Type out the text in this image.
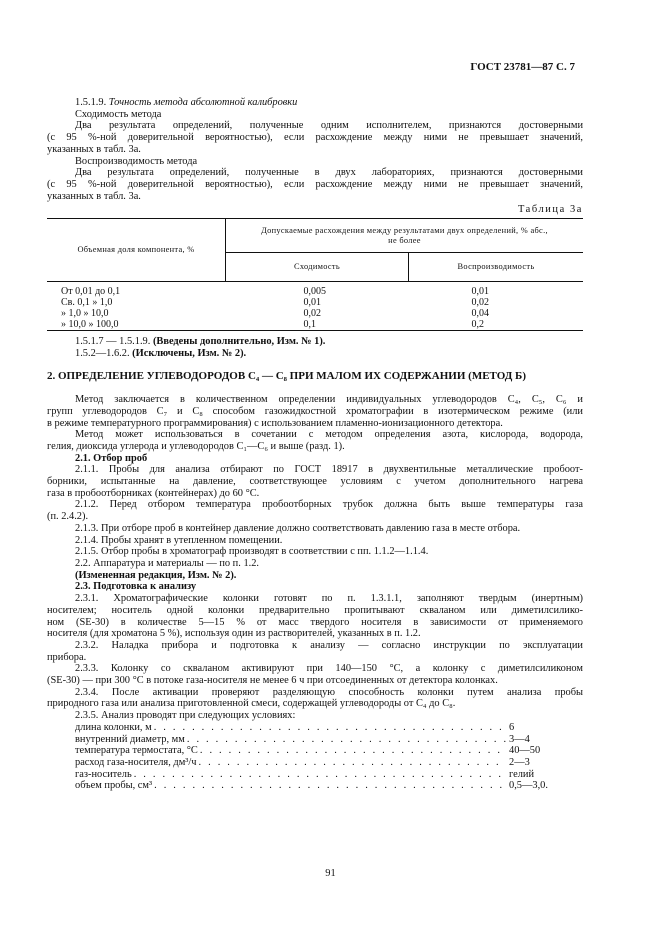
ГОСТ 23781—87 С. 7
1.5.1.9. Точность метода абсолютной калибровки
Сходимость метода
Два результата определений, полученные одним исполнителем, признаются достоверными
(с 95 %-ной доверительной вероятностью), если расхождение между ними не превышает значений,
указанных в табл. 3а.
Воспроизводимость метода
Два результата определений, полученные в двух лабораториях, признаются достоверными
(с 95 %-ной доверительной вероятностью), если расхождение между ними не превышает значений,
указанных в табл. 3а.
Таблица 3а
Объемная доля компонента, %	Допускаемые расхождения между результатами двух определений, % абс.,
не более	
	Сходимость	Воспроизводимость

От 0,01 до 0,1	0,005	0,01
Св. 0,1 » 1,0	0,01	0,02
» 1,0 » 10,0	0,02	0,04
» 10,0 » 100,0	0,1	0,2
1.5.1.7 — 1.5.1.9. (Введены дополнительно, Изм. № 1).
1.5.2—1.6.2. (Исключены, Изм. № 2).
2. ОПРЕДЕЛЕНИЕ УГЛЕВОДОРОДОВ C₄ — C₈ ПРИ МАЛОМ ИХ СОДЕРЖАНИИ (МЕТОД Б)
Метод заключается в количественном определении индивидуальных углеводородов C₄, C₅, C₆ и
групп углеводородов C₇ и C₈ способом газожидкостной хроматографии в изотермическом режиме (или
в режиме температурного программирования) с использованием пламенно-ионизационного детектора.
Метод может использоваться в сочетании с методом определения азота, кислорода, водорода,
гелия, диоксида углерода и углеводородов C₁—C₆ и выше (разд. 1).
2.1. Отбор проб
2.1.1. Пробы для анализа отбирают по ГОСТ 18917 в двухвентильные металлические пробоот-
борники, испытанные на давление, соответствующее условиям с учетом дополнительного нагрева
газа в пробоотборниках (контейнерах) до 60 °С.
2.1.2. Перед отбором температура пробоотборных трубок должна быть выше температуры газа
(п. 2.4.2).
2.1.3. При отборе проб в контейнер давление должно соответствовать давлению газа в месте отбора.
2.1.4. Пробы хранят в утепленном помещении.
2.1.5. Отбор пробы в хроматограф производят в соответствии с пп. 1.1.2—1.1.4.
2.2. Аппаратура и материалы — по п. 1.2.
(Измененная редакция, Изм. № 2).
2.3. Подготовка к анализу
2.3.1. Хроматографические колонки готовят по п. 1.3.1.1, заполняют твердым (инертным)
носителем; носитель одной колонки предварительно пропитывают скваланом или диметилсилико-
ном (SE-30) в количестве 5—15 % от масс твердого носителя в зависимости от применяемого
носителя (для хроматона 5 %), используя один из растворителей, указанных в п. 1.2.
2.3.2. Наладка прибора и подготовка к анализу — согласно инструкции по эксплуатации
прибора.
2.3.3. Колонку со скваланом активируют при 140—150 °С, а колонку с диметилсиликоном
(SE-30) — при 300 °С в потоке газа-носителя не менее 6 ч при отсоединенных от детектора колонках.
2.3.4. После активации проверяют разделяющую способность колонки путем анализа пробы
природного газа или анализа приготовленной смеси, содержащей углеводороды от C₄ до C₈.
2.3.5. Анализ проводят при следующих условиях:
длина колонки, м . . .	6
внутренний диаметр, мм . . .	3—4
температура термостата, °С . . .	40—50
расход газа-носителя, дм³/ч . . .	2—3
газ-носитель . . .	гелий
объем пробы, см³ . . .	0,5—3,0.
91
